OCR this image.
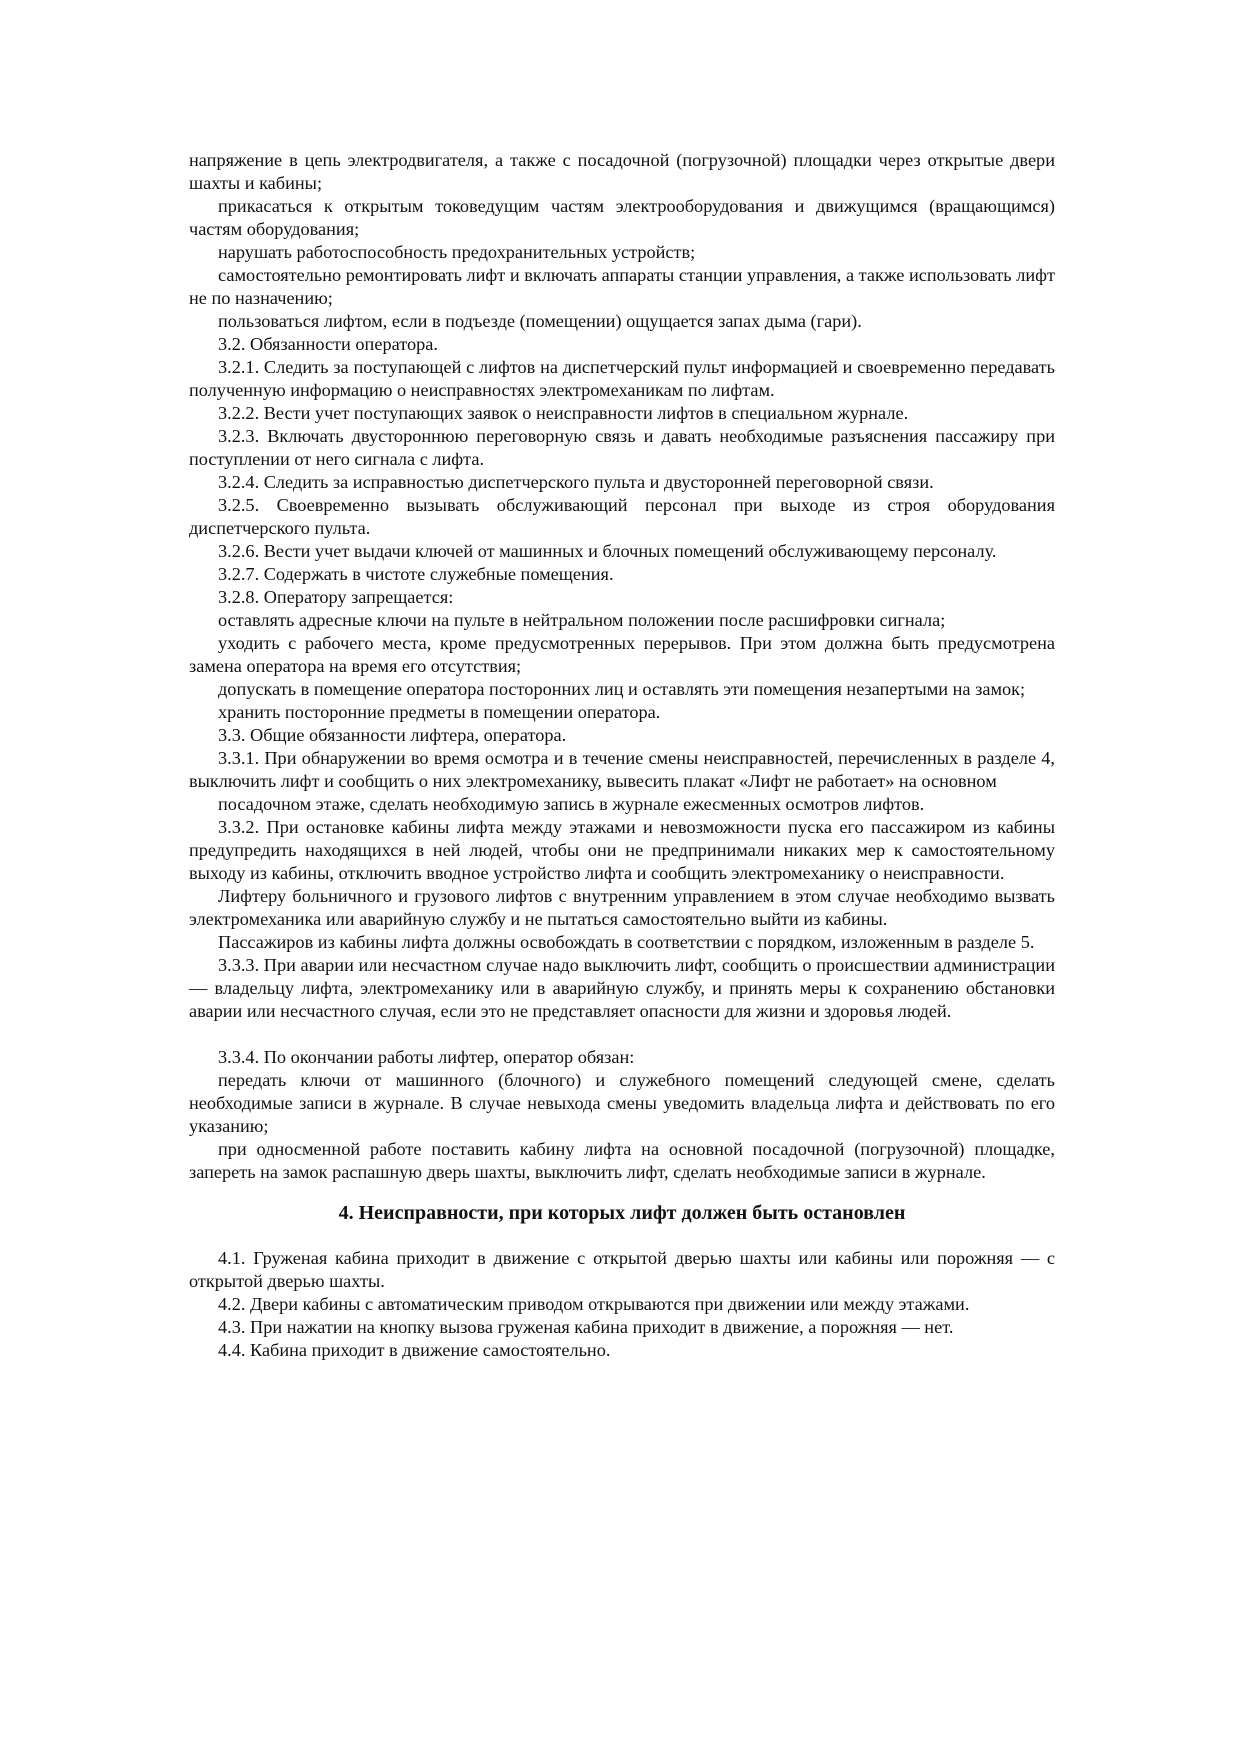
напряжение в цепь электродвигателя, а также с посадочной (погрузочной) площадки через открытые двери шахты и кабины;

прикасаться к открытым токоведущим частям электрооборудования и движущимся (вращающимся) частям оборудования;

нарушать работоспособность предохранительных устройств;

самостоятельно ремонтировать лифт и включать аппараты станции управления, а также использовать лифт не по назначению;

пользоваться лифтом, если в подъезде (помещении) ощущается запах дыма (гари).

3.2. Обязанности оператора.

3.2.1. Следить за поступающей с лифтов на диспетчерский пульт информацией и своевременно передавать полученную информацию о неисправностях электромеханикам по лифтам.

3.2.2. Вести учет поступающих заявок о неисправности лифтов в специальном журнале.

3.2.3. Включать двустороннюю переговорную связь и давать необходимые разъяснения пассажиру при поступлении от него сигнала с лифта.

3.2.4. Следить за исправностью диспетчерского пульта и двусторонней переговорной связи.

3.2.5. Своевременно вызывать обслуживающий персонал при выходе из строя оборудования диспетчерского пульта.

3.2.6. Вести учет выдачи ключей от машинных и блочных помещений обслуживающему персоналу.

3.2.7. Содержать в чистоте служебные помещения.

3.2.8. Оператору запрещается:

оставлять адресные ключи на пульте в нейтральном положении после расшифровки сигнала;

уходить с рабочего места, кроме предусмотренных перерывов. При этом должна быть предусмотрена замена оператора на время его отсутствия;

допускать в помещение оператора посторонних лиц и оставлять эти помещения незапертыми на замок;

хранить посторонние предметы в помещении оператора.

3.3. Общие обязанности лифтера, оператора.

3.3.1. При обнаружении во время осмотра и в течение смены неисправностей, перечисленных в разделе 4, выключить лифт и сообщить о них электромеханику, вывесить плакат «Лифт не работает» на основном

посадочном этаже, сделать необходимую запись в журнале ежесменных осмотров лифтов.

3.3.2. При остановке кабины лифта между этажами и невозможности пуска его пассажиром из кабины предупредить находящихся в ней людей, чтобы они не предпринимали никаких мер к самостоятельному выходу из кабины, отключить вводное устройство лифта и сообщить электромеханику о неисправности.

Лифтеру больничного и грузового лифтов с внутренним управлением в этом случае необходимо вызвать электромеханика или аварийную службу и не пытаться самостоятельно выйти из кабины.

Пассажиров из кабины лифта должны освобождать в соответствии с порядком, изложенным в разделе 5.

3.3.3. При аварии или несчастном случае надо выключить лифт, сообщить о происшествии администрации — владельцу лифта, электромеханику или в аварийную службу, и принять меры к сохранению обстановки аварии или несчастного случая, если это не представляет опасности для жизни и здоровья людей.

3.3.4. По окончании работы лифтер, оператор обязан:

передать ключи от машинного (блочного) и служебного помещений следующей смене, сделать необходимые записи в журнале. В случае невыхода смены уведомить владельца лифта и действовать по его указанию;

при односменной работе поставить кабину лифта на основной посадочной (погрузочной) площадке, запереть на замок распашную дверь шахты, выключить лифт, сделать необходимые записи в журнале.

4. Неисправности, при которых лифт должен быть остановлен

4.1. Груженая кабина приходит в движение с открытой дверью шахты или кабины или порожняя — с открытой дверью шахты.

4.2. Двери кабины с автоматическим приводом открываются при движении или между этажами.

4.3. При нажатии на кнопку вызова груженая кабина приходит в движение, а порожняя — нет.

4.4. Кабина приходит в движение самостоятельно.
